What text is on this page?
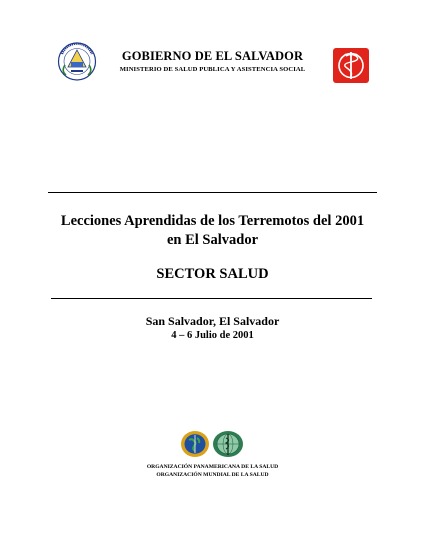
GOBIERNO DE EL SALVADOR
MINISTERIO DE SALUD PUBLICA Y ASISTENCIA SOCIAL
Lecciones Aprendidas de los Terremotos del 2001
en El Salvador
SECTOR SALUD
San Salvador, El Salvador
4 – 6 Julio de 2001
ORGANIZACIÓN PANAMERICANA DE LA SALUD
ORGANIZACIÓN MUNDIAL DE LA SALUD
